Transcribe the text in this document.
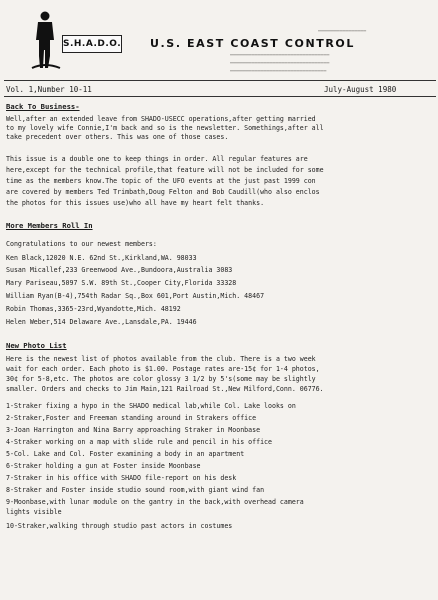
S.H.A.D.O.	U.S. EAST COAST CONTROL
▬▬▬▬▬▬▬▬▬▬▬▬▬▬▬▬
▬▬▬▬▬▬▬▬▬▬▬▬▬▬▬▬▬▬▬▬▬▬▬▬▬▬▬▬▬▬▬▬▬
▬▬▬▬▬▬▬▬▬▬▬▬▬▬▬▬▬▬▬▬▬▬▬▬▬▬▬▬▬▬▬▬▬
▬▬▬▬▬▬▬▬▬▬▬▬▬▬▬▬▬▬▬▬▬▬▬▬▬▬▬▬▬▬▬▬
Vol. 1,Number 10-11	July-August 1980
Back To Business-
Well,after an extended leave from SHADO-USECC operations,after getting married
to my lovely wife Connie,I'm back and so is the newsletter. Somethings,after all
take precedent over others. This was one of those cases.
This issue is a double one to keep things in order. All regular features are
here,except for the technical profile,that feature will not be included for some
time as the members know.The topic of the UFO events at the just past 1999 con
are covered by members Ted Trimbath,Doug Felton and Bob Caudill(who also enclos
the photos for this issues use)who all have my heart felt thanks.
More Members Roll In
Congratulations to our newest members:
Ken Black,12020 N.E. 62nd St.,Kirkland,WA. 98033
Susan Micallef,233 Greenwood Ave.,Bundoora,Australia 3083
Mary Pariseau,5097 S.W. 89th St.,Cooper City,Florida 33328
William Ryan(B-4),754th Radar Sq.,Box 601,Port Austin,Mich. 48467
Robin Thomas,3365-23rd,Wyandotte,Mich. 48192
Helen Weber,514 Delaware Ave.,Lansdale,PA. 19446
New Photo List
Here is the newest list of photos available from the club. There is a two week
wait for each order. Each photo is $1.00. Postage rates are-15¢ for 1-4 photos,
30¢ for 5-8,etc. The photos are color glossy 3 1/2 by 5's(some may be slightly
smaller. Orders and checks to Jim Main,121 Railroad St.,New Milford,Conn. 06776.
1-Straker fixing a hypo in the SHADO medical lab,while Col. Lake looks on
2-Straker,Foster and Freeman standing around in Strakers office
3-Joan Harrington and Nina Barry approaching Straker in Moonbase
4-Straker working on a map with slide rule and pencil in his office
5-Col. Lake and Col. Foster examining a body in an apartment
6-Straker holding a gun at Foster inside Moonbase
7-Straker in his office with SHADO file-report on his desk
8-Straker and Foster inside studio sound room,with giant wind fan
9-Moonbase,with lunar module on the gantry in the back,with overhead camera
lights visible
10-Straker,walking through studio past actors in costumes
